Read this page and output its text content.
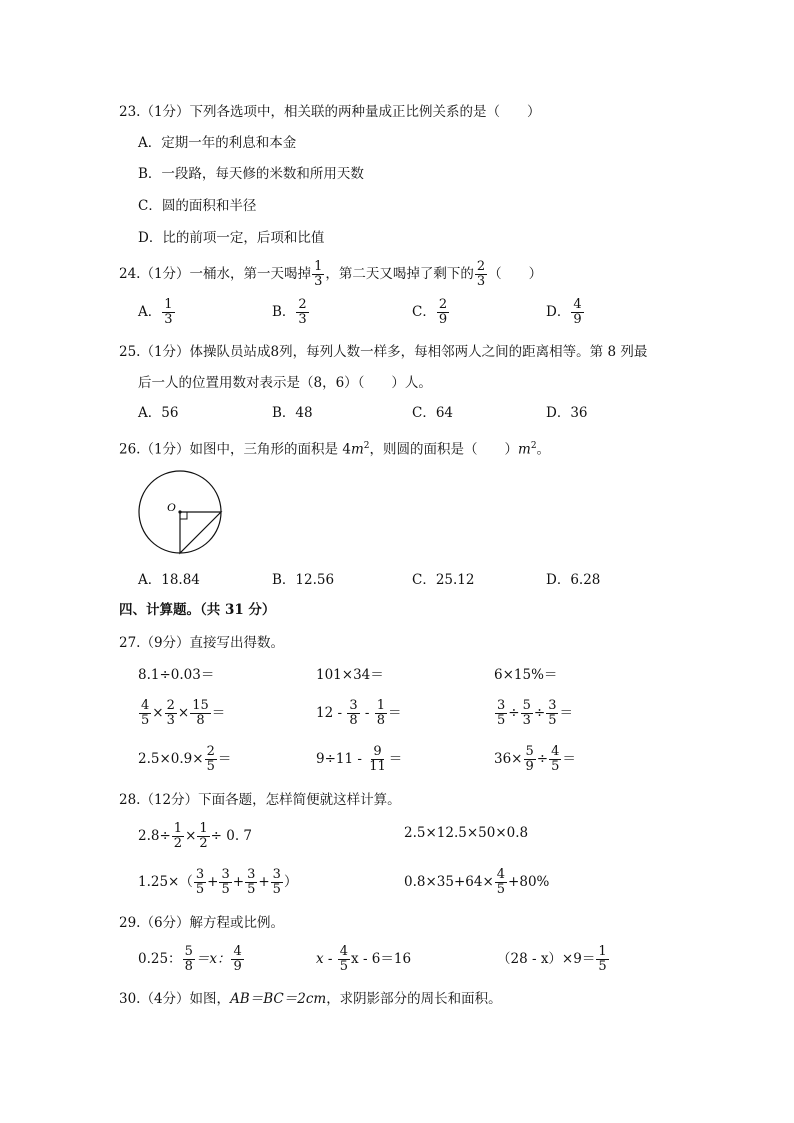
23.（1分）下列各选项中，相关联的两种量成正比例关系的是（　　）
A．定期一年的利息和本金
B．一段路，每天修的米数和所用天数
C．圆的面积和半径
D．比的前项一定，后项和比值
24.（1分）一桶水，第一天喝掉 $\frac{1}{3}$ ，第二天又喝掉了剩下的 $\frac{2}{3}$ （　　）
A． $\frac{1}{3}$	B． $\frac{2}{3}$	C． $\frac{2}{9}$	D． $\frac{4}{9}$
25.（1分）体操队员站成8列，每列人数一样多，每相邻两人之间的距离相等。第 8 列最
后一人的位置用数对表示是（8，6）（　　）人。
A．56	B．48	C．64	D．36
26.（1分）如图中，三角形的面积是 $4m^2$，则圆的面积是（　　）$m^2$。
O
A．18.84	B．12.56	C．25.12	D．6.28
四、计算题。（共 31 分）
27.（9分）直接写出得数。
8.1÷0.03＝	101×34＝	6×15%＝
$\frac{4}{5} \times \frac{2}{3} \times \frac{15}{8}$ ＝	$12 - \frac{3}{8} - \frac{1}{8}$ ＝	$\frac{3}{5} \div \frac{5}{3} \div \frac{3}{5}$ ＝
$2.5\times 0.9\times \frac{2}{5}$ ＝	$9\div 11 - \frac{9}{11}$ ＝	$36\times \frac{5}{9} \div \frac{4}{5}$ ＝
28.（12分）下面各题，怎样简便就这样计算。
$2.8\div \frac{1}{2} \times \frac{1}{2} \div 0$. 7	2.5×12.5×50×0.8
$1.25\times( \frac{3}{5} + \frac{3}{5} + \frac{3}{5} + \frac{3}{5}$ ）	$0.8\times 35+64\times \frac{4}{5} +80\%$
29.（6分）解方程或比例。
0.25： $\frac{5}{8} =x$： $\frac{4}{9}$	x - $\frac{4}{5}$ x - 6＝16	$(28 - x)\times 9= \frac{1}{5}$
30.（4分）如图，AB＝BC＝2cm，求阴影部分的周长和面积。
